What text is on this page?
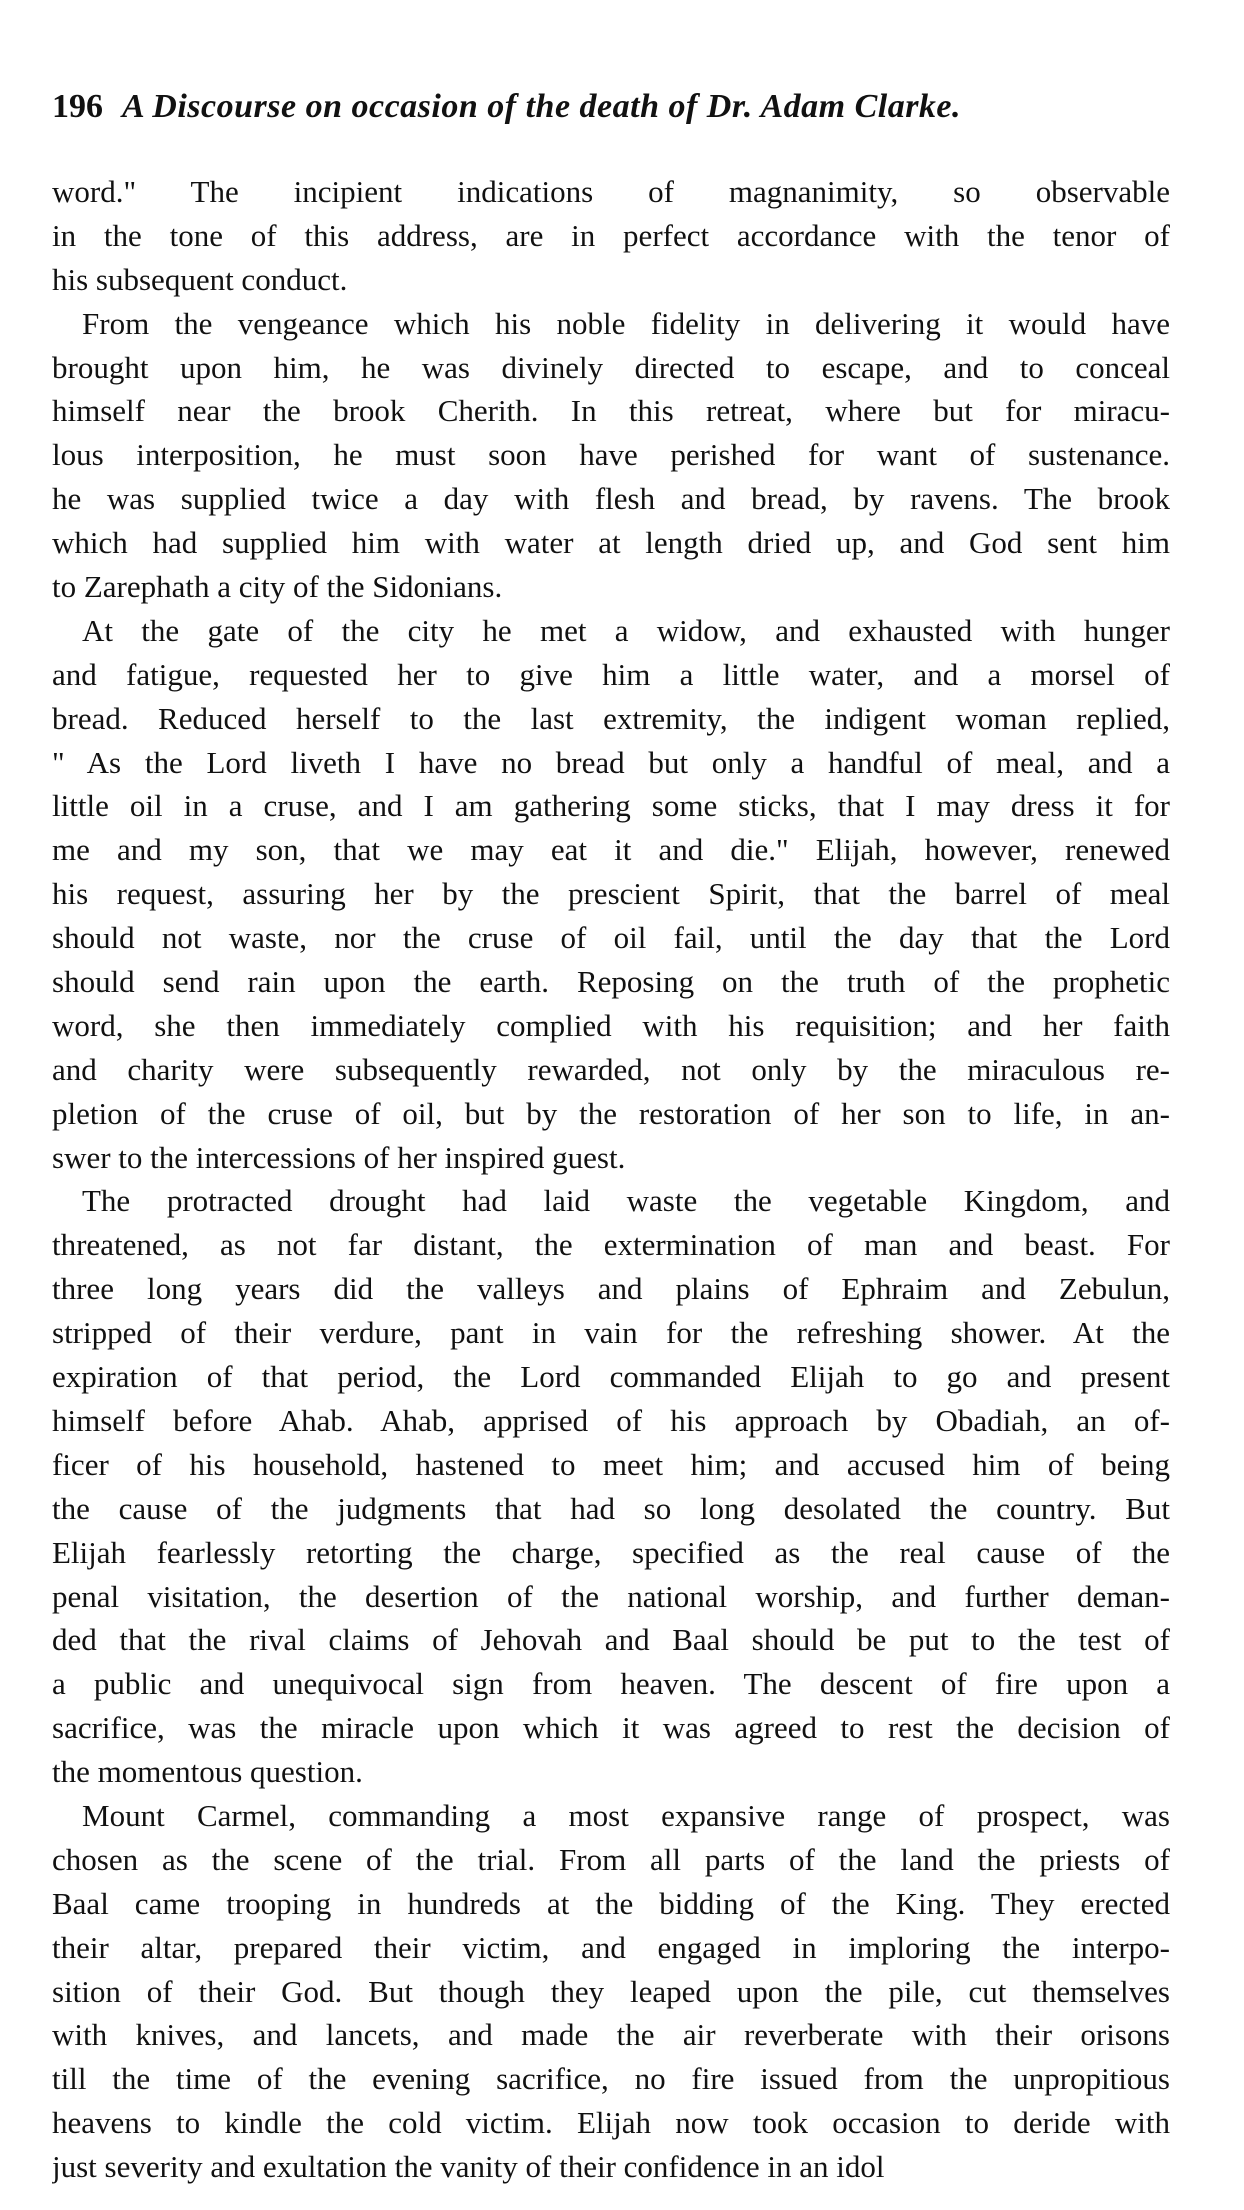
196 A Discourse on occasion of the death of Dr. Adam Clarke.
word." The incipient indications of magnanimity, so observable
in the tone of this address, are in perfect accordance with the tenor of
his subsequent conduct.
From the vengeance which his noble fidelity in delivering it would have
brought upon him, he was divinely directed to escape, and to conceal
himself near the brook Cherith. In this retreat, where but for miracu-
lous interposition, he must soon have perished for want of sustenance.
he was supplied twice a day with flesh and bread, by ravens. The brook
which had supplied him with water at length dried up, and God sent him
to Zarephath a city of the Sidonians.
At the gate of the city he met a widow, and exhausted with hunger
and fatigue, requested her to give him a little water, and a morsel of
bread. Reduced herself to the last extremity, the indigent woman replied,
" As the Lord liveth I have no bread but only a handful of meal, and a
little oil in a cruse, and I am gathering some sticks, that I may dress it for
me and my son, that we may eat it and die." Elijah, however, renewed
his request, assuring her by the prescient Spirit, that the barrel of meal
should not waste, nor the cruse of oil fail, until the day that the Lord
should send rain upon the earth. Reposing on the truth of the prophetic
word, she then immediately complied with his requisition; and her faith
and charity were subsequently rewarded, not only by the miraculous re-
pletion of the cruse of oil, but by the restoration of her son to life, in an-
swer to the intercessions of her inspired guest.
The protracted drought had laid waste the vegetable Kingdom, and
threatened, as not far distant, the extermination of man and beast. For
three long years did the valleys and plains of Ephraim and Zebulun,
stripped of their verdure, pant in vain for the refreshing shower. At the
expiration of that period, the Lord commanded Elijah to go and present
himself before Ahab. Ahab, apprised of his approach by Obadiah, an of-
ficer of his household, hastened to meet him; and accused him of being
the cause of the judgments that had so long desolated the country. But
Elijah fearlessly retorting the charge, specified as the real cause of the
penal visitation, the desertion of the national worship, and further deman-
ded that the rival claims of Jehovah and Baal should be put to the test of
a public and unequivocal sign from heaven. The descent of fire upon a
sacrifice, was the miracle upon which it was agreed to rest the decision of
the momentous question.
Mount Carmel, commanding a most expansive range of prospect, was
chosen as the scene of the trial. From all parts of the land the priests of
Baal came trooping in hundreds at the bidding of the King. They erected
their altar, prepared their victim, and engaged in imploring the interpo-
sition of their God. But though they leaped upon the pile, cut themselves
with knives, and lancets, and made the air reverberate with their orisons
till the time of the evening sacrifice, no fire issued from the unpropitious
heavens to kindle the cold victim. Elijah now took occasion to deride with
just severity and exultation the vanity of their confidence in an idol
